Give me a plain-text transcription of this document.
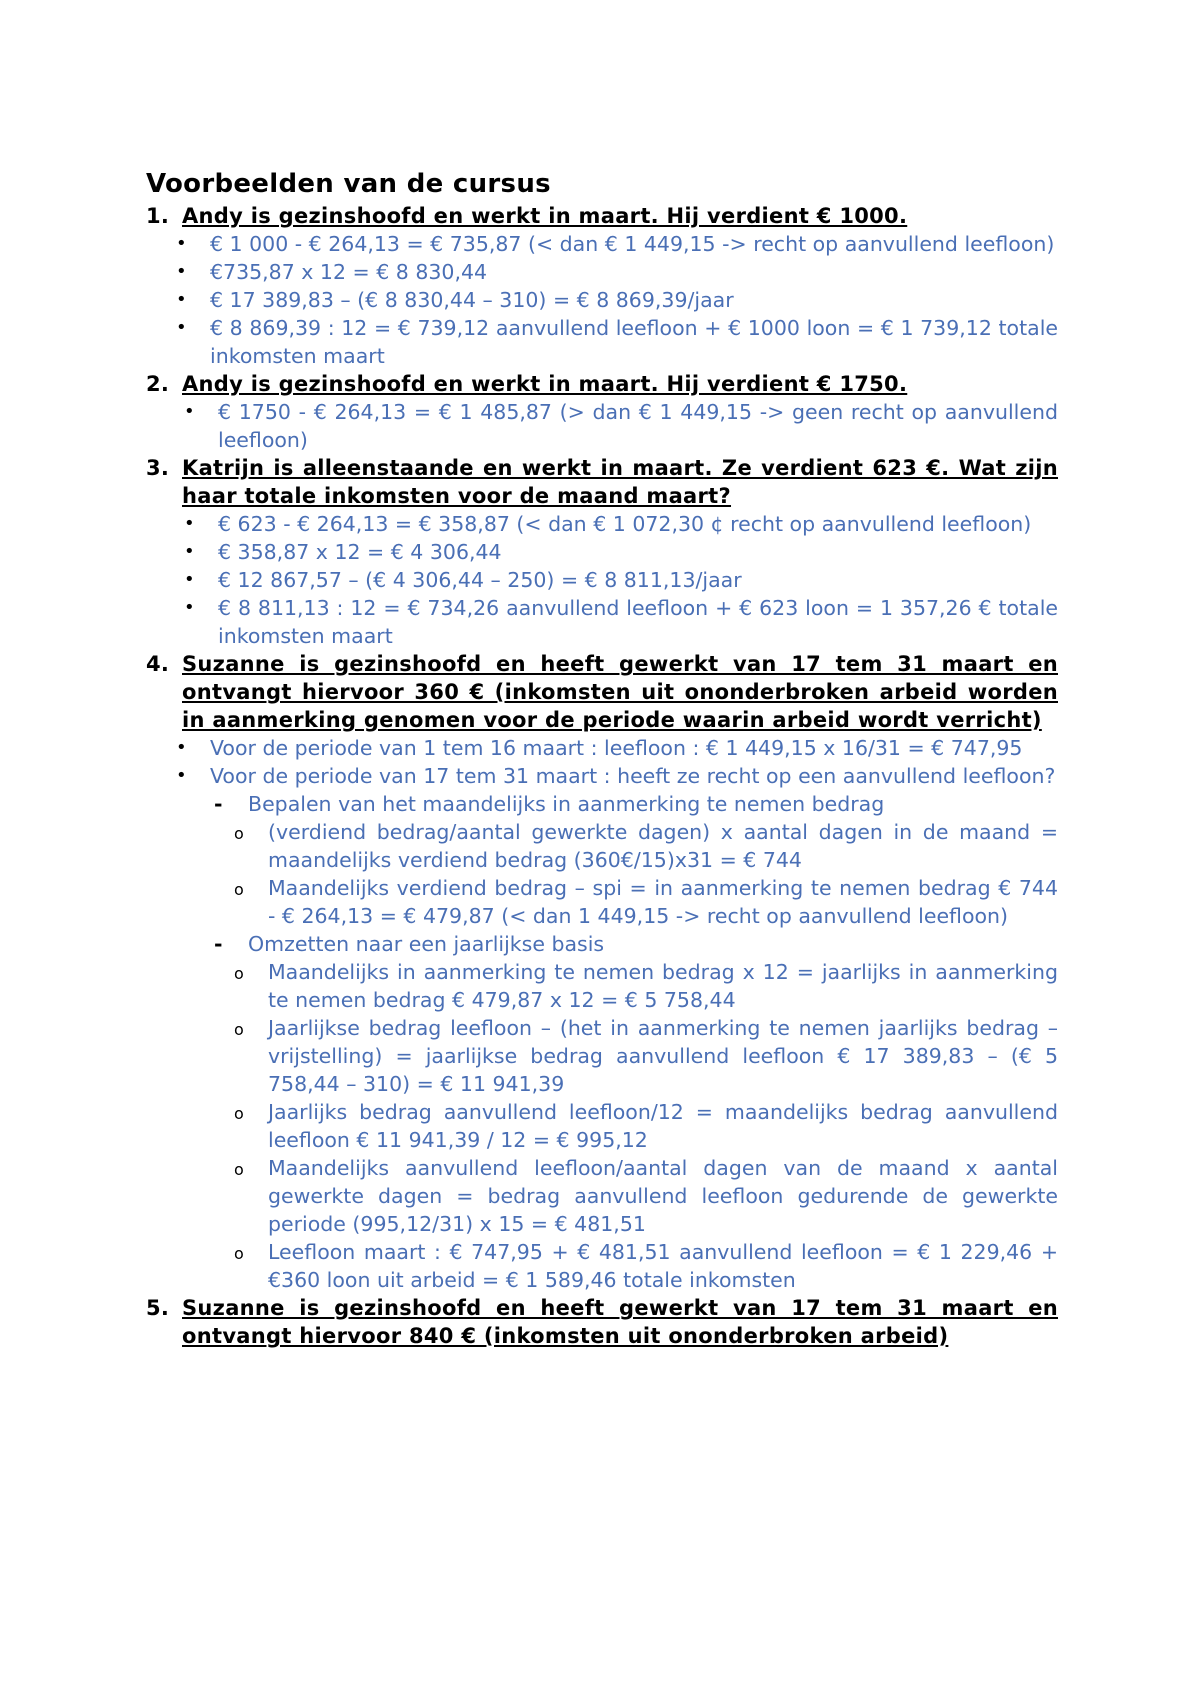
Voorbeelden van de cursus
1. Andy is gezinshoofd en werkt in maart. Hij verdient € 1000.
• € 1 000 - € 264,13 = € 735,87 (< dan € 1 449,15 -> recht op aanvullend leefloon)
• €735,87 x 12 = € 8 830,44
• € 17 389,83 – (€ 8 830,44 – 310) = € 8 869,39/jaar
• € 8 869,39 : 12 = € 739,12 aanvullend leefloon + € 1000 loon = € 1 739,12 totale inkomsten maart
2. Andy is gezinshoofd en werkt in maart. Hij verdient € 1750.
• € 1750 - € 264,13 = € 1 485,87 (> dan € 1 449,15 -> geen recht op aanvullend leefloon)
3. Katrijn is alleenstaande en werkt in maart. Ze verdient 623 €. Wat zijn haar totale inkomsten voor de maand maart?
• € 623 - € 264,13 = € 358,87 (< dan € 1 072,30 ¢ recht op aanvullend leefloon)
• € 358,87 x 12 = € 4 306,44
• € 12 867,57 – (€ 4 306,44 – 250) = € 8 811,13/jaar
• € 8 811,13 : 12 = € 734,26 aanvullend leefloon + € 623 loon = 1 357,26 € totale inkomsten maart
4. Suzanne is gezinshoofd en heeft gewerkt van 17 tem 31 maart en ontvangt hiervoor 360 € (inkomsten uit ononderbroken arbeid worden in aanmerking genomen voor de periode waarin arbeid wordt verricht)
• Voor de periode van 1 tem 16 maart : leefloon : € 1 449,15 x 16/31 = € 747,95
• Voor de periode van 17 tem 31 maart : heeft ze recht op een aanvullend leefloon?
- Bepalen van het maandelijks in aanmerking te nemen bedrag
o (verdiend bedrag/aantal gewerkte dagen) x aantal dagen in de maand = maandelijks verdiend bedrag (360€/15)x31 = € 744
o Maandelijks verdiend bedrag – spi = in aanmerking te nemen bedrag € 744 - € 264,13 = € 479,87 (< dan 1 449,15 -> recht op aanvullend leefloon)
- Omzetten naar een jaarlijkse basis
o Maandelijks in aanmerking te nemen bedrag x 12 = jaarlijks in aanmerking te nemen bedrag € 479,87 x 12 = € 5 758,44
o Jaarlijkse bedrag leefloon – (het in aanmerking te nemen jaarlijks bedrag – vrijstelling) = jaarlijkse bedrag aanvullend leefloon € 17 389,83 – (€ 5 758,44 – 310) = € 11 941,39
o Jaarlijks bedrag aanvullend leefloon/12 = maandelijks bedrag aanvullend leefloon € 11 941,39 / 12 = € 995,12
o Maandelijks aanvullend leefloon/aantal dagen van de maand x aantal gewerkte dagen = bedrag aanvullend leefloon gedurende de gewerkte periode (995,12/31) x 15 = € 481,51
o Leefloon maart : € 747,95 + € 481,51 aanvullend leefloon = € 1 229,46 + €360 loon uit arbeid = € 1 589,46 totale inkomsten
5. Suzanne is gezinshoofd en heeft gewerkt van 17 tem 31 maart en ontvangt hiervoor 840 € (inkomsten uit ononderbroken arbeid)
